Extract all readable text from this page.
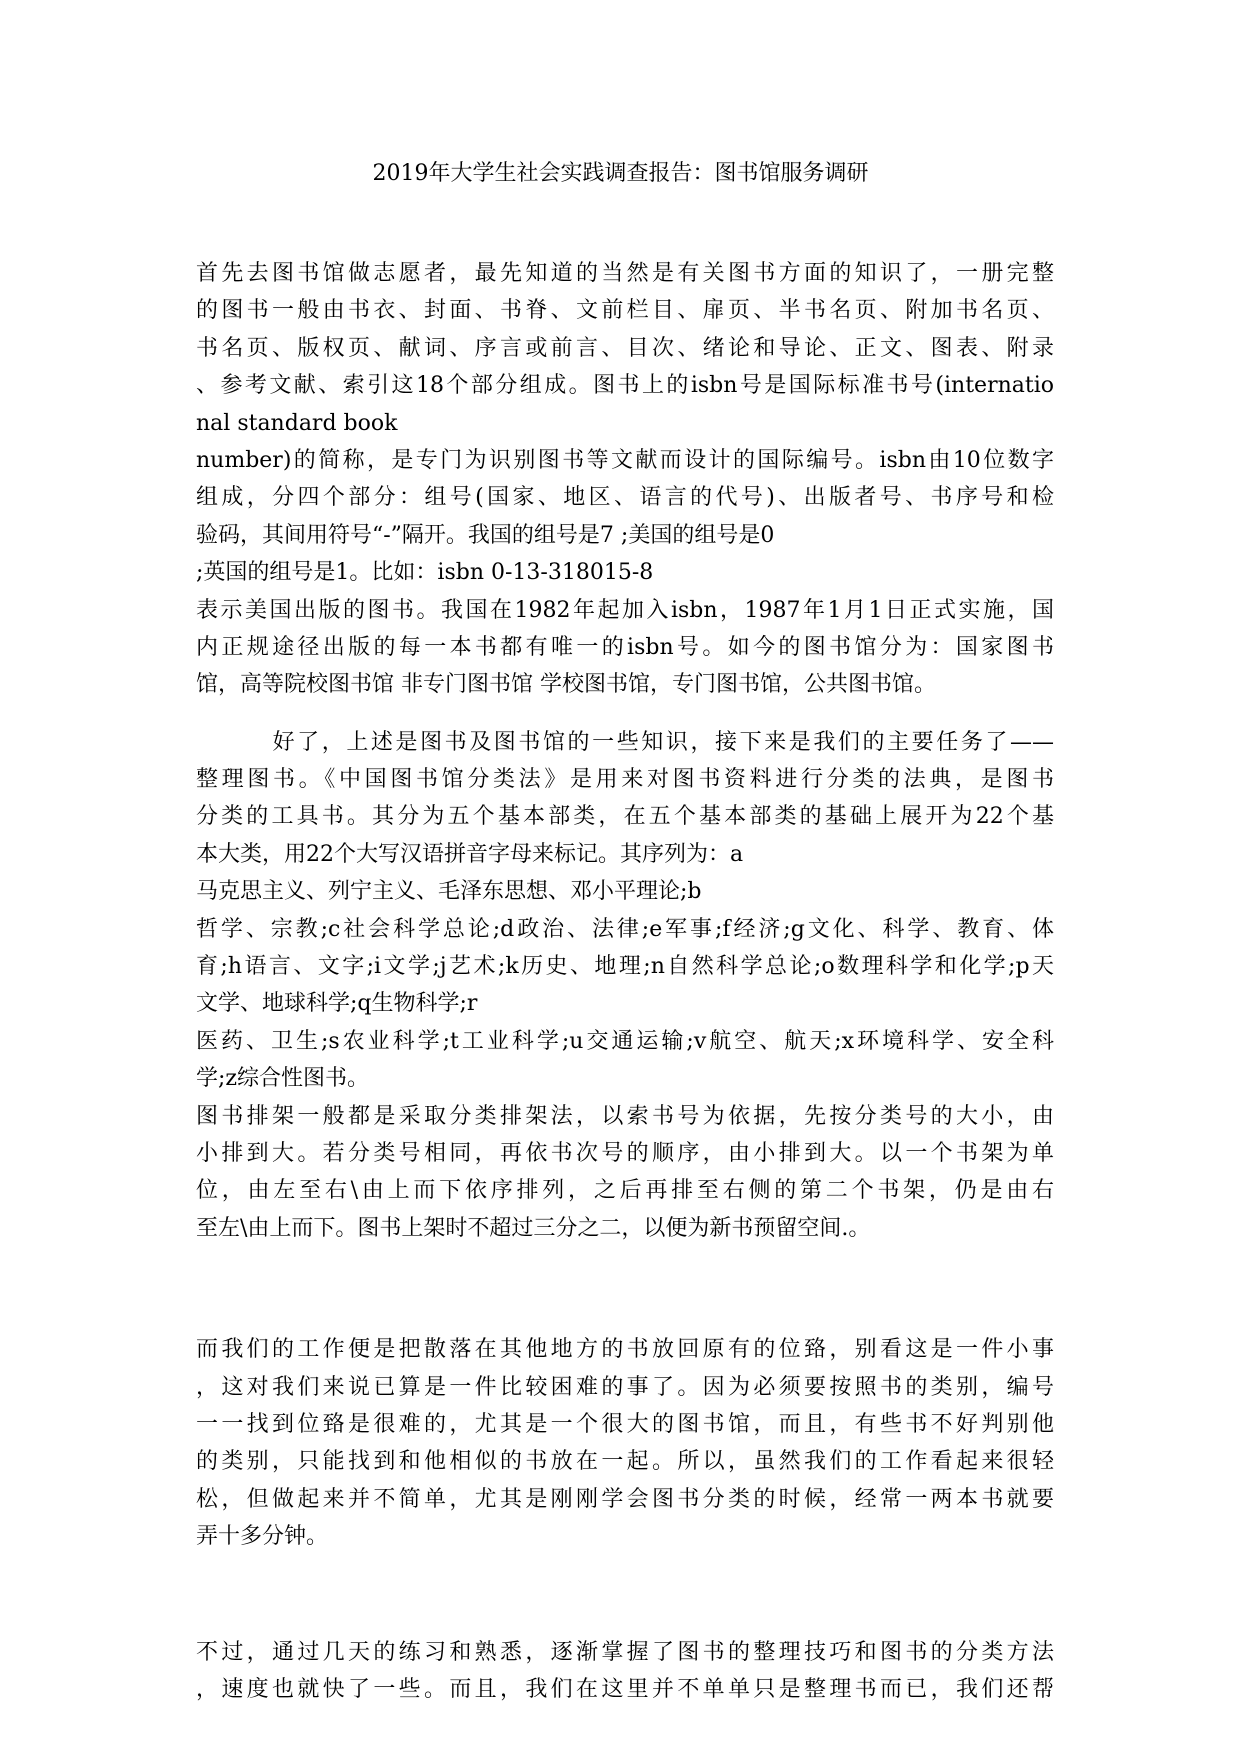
2019年大学生社会实践调查报告：图书馆服务调研
首先去图书馆做志愿者，最先知道的当然是有关图书方面的知识了，一册完整
的图书一般由书衣、封面、书脊、文前栏目、扉页、半书名页、附加书名页、
书名页、版权页、献词、序言或前言、目次、绪论和导论、正文、图表、附录
、参考文献、索引这18个部分组成。图书上的isbn号是国际标准书号(internatio
nal standard book
number)的简称，是专门为识别图书等文献而设计的国际编号。isbn由10位数字
组成，分四个部分：组号(国家、地区、语言的代号)、出版者号、书序号和检
验码，其间用符号“-”隔开。我国的组号是7 ;美国的组号是0
;英国的组号是1。比如：isbn 0-13-318015-8
表示美国出版的图书。我国在1982年起加入isbn，1987年1月1日正式实施，国
内正规途径出版的每一本书都有唯一的isbn号。如今的图书馆分为：国家图书
馆，高等院校图书馆 非专门图书馆 学校图书馆，专门图书馆，公共图书馆。
好了，上述是图书及图书馆的一些知识，接下来是我们的主要任务了——
整理图书。《中国图书馆分类法》是用来对图书资料进行分类的法典，是图书
分类的工具书。其分为五个基本部类，在五个基本部类的基础上展开为22个基
本大类，用22个大写汉语拼音字母来标记。其序列为：a
马克思主义、列宁主义、毛泽东思想、邓小平理论;b
哲学、宗教;c社会科学总论;d政治、法律;e军事;f经济;g文化、科学、教育、体
育;h语言、文字;i文学;j艺术;k历史、地理;n自然科学总论;o数理科学和化学;p天
文学、地球科学;q生物科学;r
医药、卫生;s农业科学;t工业科学;u交通运输;v航空、航天;x环境科学、安全科
学;z综合性图书。
图书排架一般都是采取分类排架法，以索书号为依据，先按分类号的大小，由
小排到大。若分类号相同，再依书次号的顺序，由小排到大。以一个书架为单
位，由左至右\由上而下依序排列，之后再排至右侧的第二个书架，仍是由右
至左\由上而下。图书上架时不超过三分之二，以便为新书预留空间.。
而我们的工作便是把散落在其他地方的书放回原有的位臵，别看这是一件小事
，这对我们来说已算是一件比较困难的事了。因为必须要按照书的类别，编号
一一找到位臵是很难的，尤其是一个很大的图书馆，而且，有些书不好判别他
的类别，只能找到和他相似的书放在一起。所以，虽然我们的工作看起来很轻
松，但做起来并不简单，尤其是刚刚学会图书分类的时候，经常一两本书就要
弄十多分钟。
不过，通过几天的练习和熟悉，逐渐掌握了图书的整理技巧和图书的分类方法
，速度也就快了一些。而且，我们在这里并不单单只是整理书而已，我们还帮
